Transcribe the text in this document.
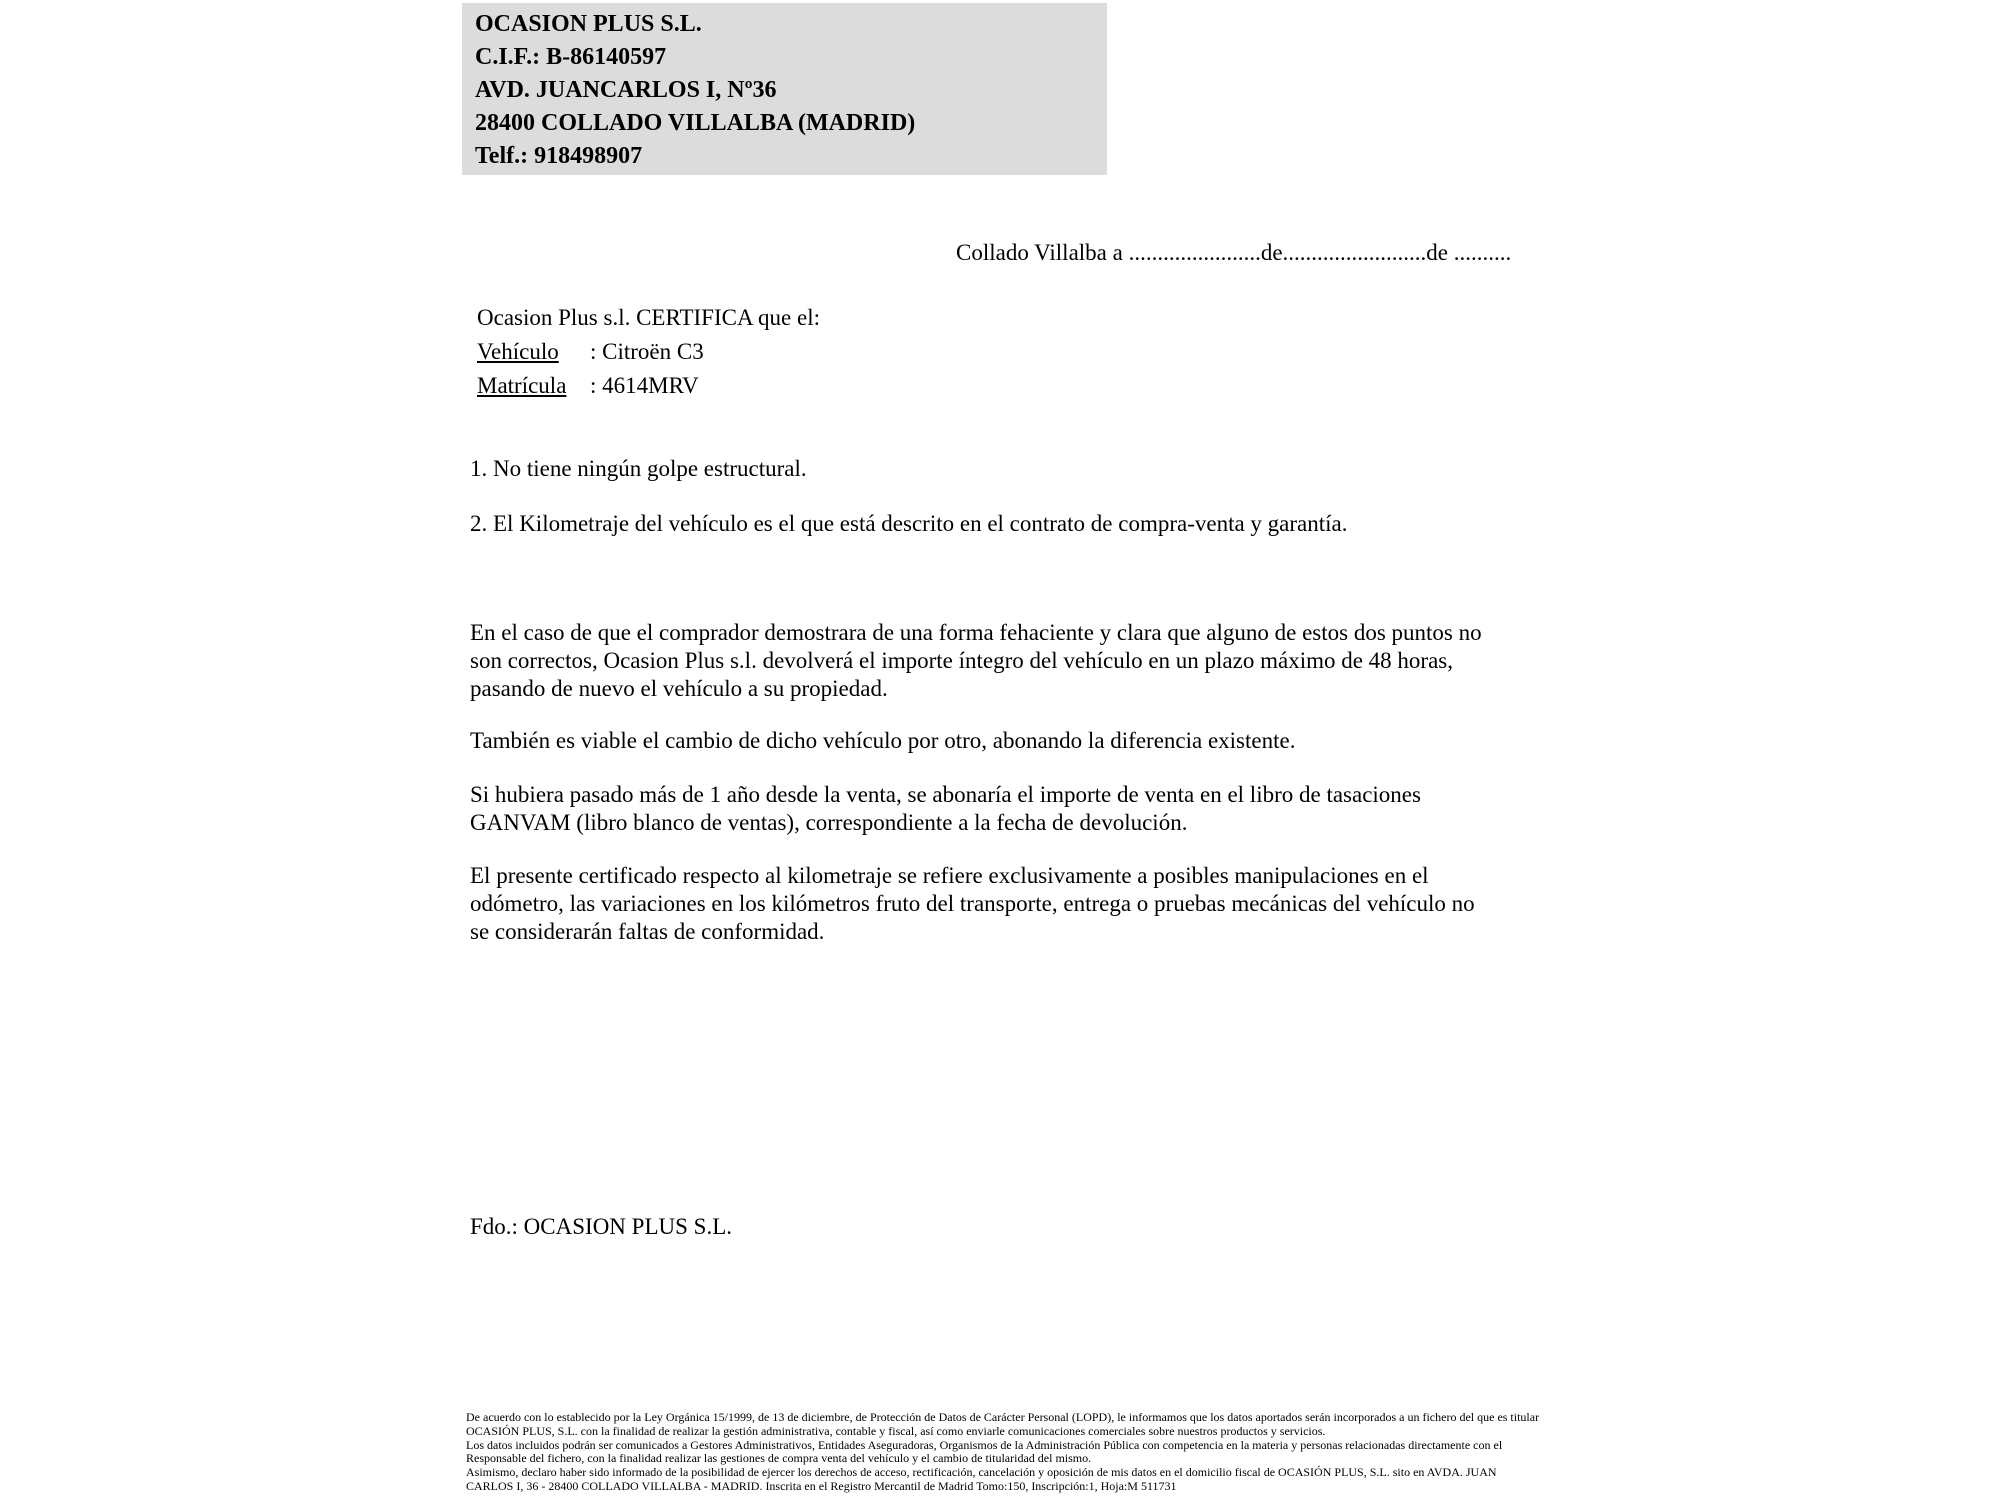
OCASION PLUS S.L.
C.I.F.: B-86140597
AVD. JUANCARLOS I, Nº36
28400 COLLADO VILLALBA (MADRID)
Telf.: 918498907
Collado Villalba a .......................de.........................de ..........
Ocasion Plus s.l. CERTIFICA que el:
Vehículo : Citroën C3
Matrícula : 4614MRV
1. No tiene ningún golpe estructural.
2. El Kilometraje del vehículo es el que está descrito en el contrato de compra-venta y garantía.
En el caso de que el comprador demostrara de una forma fehaciente y clara que alguno de estos dos puntos no
son correctos, Ocasion Plus s.l. devolverá el importe íntegro del vehículo en un plazo máximo de 48 horas,
pasando de nuevo el vehículo a su propiedad.
También es viable el cambio de dicho vehículo por otro, abonando la diferencia existente.
Si hubiera pasado más de 1 año desde la venta, se abonaría el importe de venta en el libro de tasaciones
GANVAM (libro blanco de ventas), correspondiente a la fecha de devolución.
El presente certificado respecto al kilometraje se refiere exclusivamente a posibles manipulaciones en el
odómetro, las variaciones en los kilómetros fruto del transporte, entrega o pruebas mecánicas del vehículo no
se considerarán faltas de conformidad.
Fdo.: OCASION PLUS S.L.
De acuerdo con lo establecido por la Ley Orgánica 15/1999, de 13 de diciembre, de Protección de Datos de Carácter Personal (LOPD), le informamos que los datos aportados serán incorporados a un fichero del que es titular
OCASIÓN PLUS, S.L. con la finalidad de realizar la gestión administrativa, contable y fiscal, así como enviarle comunicaciones comerciales sobre nuestros productos y servicios.
Los datos incluidos podrán ser comunicados a Gestores Administrativos, Entidades Aseguradoras, Organismos de la Administración Pública con competencia en la materia y personas relacionadas directamente con el
Responsable del fichero, con la finalidad realizar las gestiones de compra venta del vehículo y el cambio de titularidad del mismo.
Asimismo, declaro haber sido informado de la posibilidad de ejercer los derechos de acceso, rectificación, cancelación y oposición de mis datos en el domicilio fiscal de OCASIÓN PLUS, S.L. sito en AVDA. JUAN
CARLOS I, 36 - 28400 COLLADO VILLALBA - MADRID. Inscrita en el Registro Mercantil de Madrid Tomo:150, Inscripción:1, Hoja:M 511731
